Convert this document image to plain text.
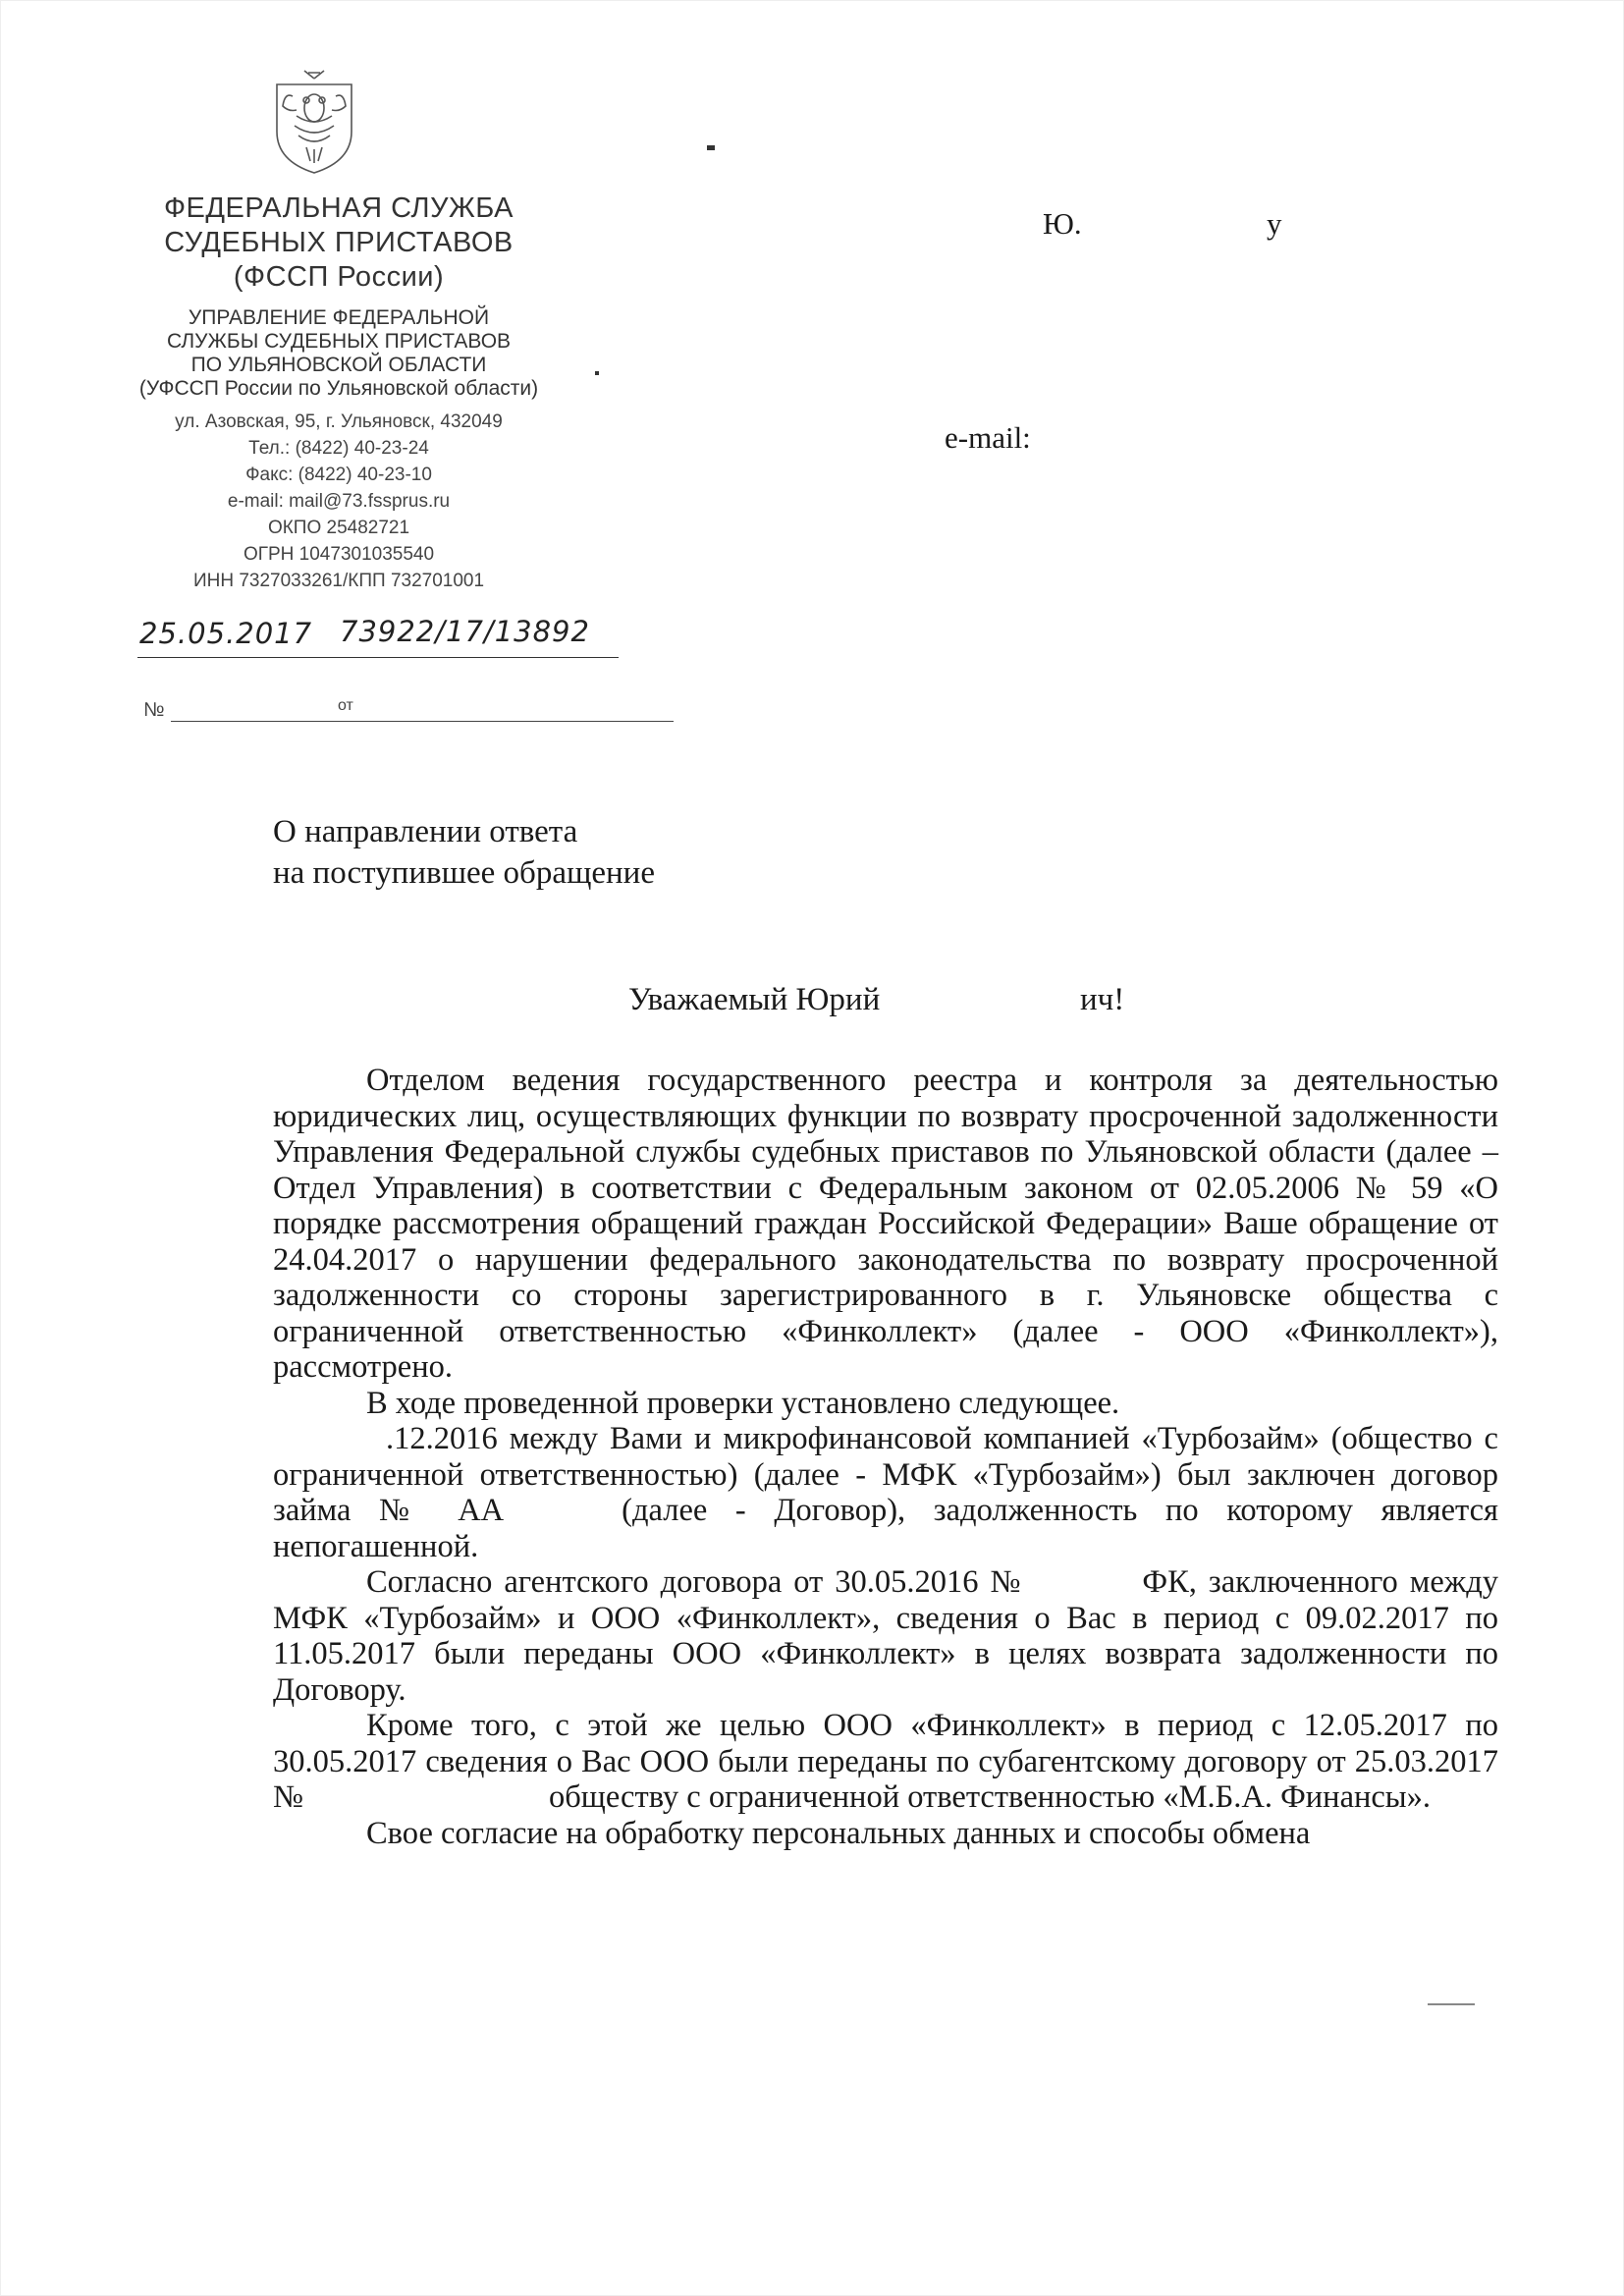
ФЕДЕРАЛЬНАЯ СЛУЖБА
СУДЕБНЫХ ПРИСТАВОВ
(ФССП России)
УПРАВЛЕНИЕ ФЕДЕРАЛЬНОЙ
СЛУЖБЫ СУДЕБНЫХ ПРИСТАВОВ
ПО УЛЬЯНОВСКОЙ ОБЛАСТИ
(УФССП России по Ульяновской области)
ул. Азовская, 95, г. Ульяновск, 432049
Тел.: (8422) 40-23-24
Факс: (8422) 40-23-10
e-mail: mail@73.fssprus.ru
ОКПО 25482721
ОГРН 1047301035540
ИНН 7327033261/КПП 732701001
25.05.2017 73922/17/13892
№	от
Ю.	у
e-mail:
О направлении ответа
на поступившее обращение
Уважаемый Юрий	ич!

Отделом ведения государственного реестра и контроля за деятельностью юридических лиц, осуществляющих функции по возврату просроченной задолженности Управления Федеральной службы судебных приставов по Ульяновской области (далее – Отдел Управления) в соответствии с Федеральным законом от 02.05.2006 № 59 «О порядке рассмотрения обращений граждан Российской Федерации» Ваше обращение от 24.04.2017 о нарушении федерального законодательства по возврату просроченной задолженности со стороны зарегистрированного в г. Ульяновске общества с ограниченной ответственностью «Финколлект» (далее - ООО «Финколлект»), рассмотрено.

В ходе проведенной проверки установлено следующее.

.12.2016 между Вами и микрофинансовой компанией «Турбозайм» (общество с ограниченной ответственностью) (далее - МФК «Турбозайм») был заключен договор займа № АА	(далее - Договор), задолженность по которому является непогашенной.

Согласно агентского договора от 30.05.2016 №	ФК, заключенного между МФК «Турбозайм» и ООО «Финколлект», сведения о Вас в период с 09.02.2017 по 11.05.2017 были переданы ООО «Финколлект» в целях возврата задолженности по Договору.

Кроме того, с этой же целью ООО «Финколлект» в период с 12.05.2017 по 30.05.2017 сведения о Вас ООО были переданы по субагентскому договору от 25.03.2017 №	обществу с ограниченной ответственностью «М.Б.А. Финансы».

Свое согласие на обработку персональных данных и способы обмена
